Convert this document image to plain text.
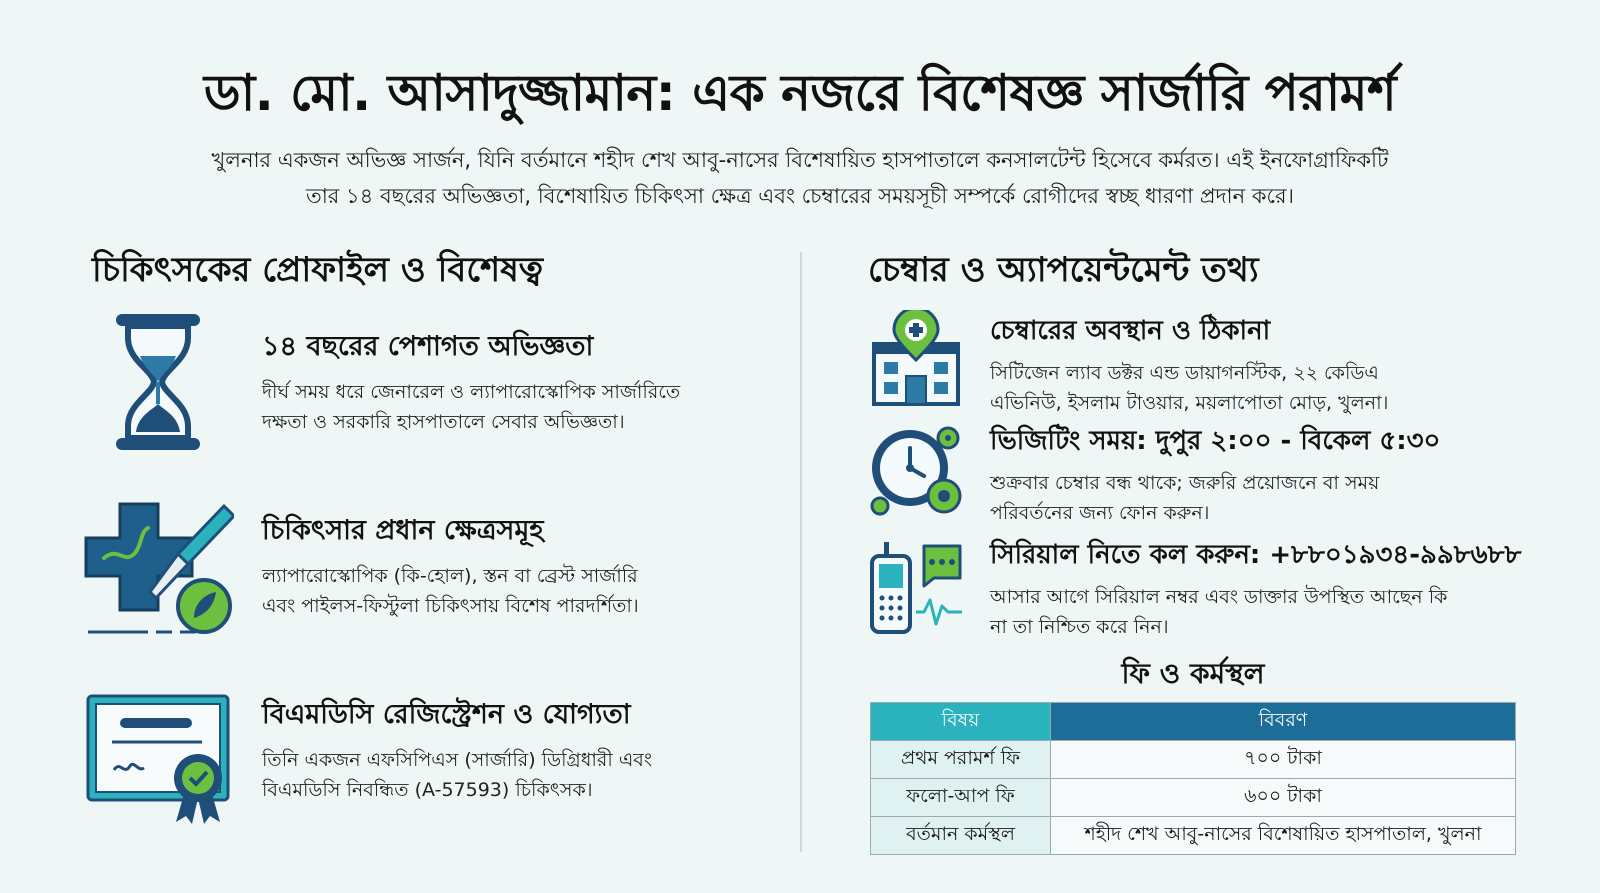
ডা. মো. আসাদুজ্জামান: এক নজরে বিশেষজ্ঞ সার্জারি পরামর্শ
খুলনার একজন অভিজ্ঞ সার্জন, যিনি বর্তমানে শহীদ শেখ আবু-নাসের বিশেষায়িত হাসপাতালে কনসালটেন্ট হিসেবে কর্মরত। এই ইনফোগ্রাফিকটি
তার ১৪ বছরের অভিজ্ঞতা, বিশেষায়িত চিকিৎসা ক্ষেত্র এবং চেম্বারের সময়সূচী সম্পর্কে রোগীদের স্বচ্ছ ধারণা প্রদান করে।
চিকিৎসকের প্রোফাইল ও বিশেষত্ব
১৪ বছরের পেশাগত অভিজ্ঞতা
দীর্ঘ সময় ধরে জেনারেল ও ল্যাপারোস্কোপিক সার্জারিতে
দক্ষতা ও সরকারি হাসপাতালে সেবার অভিজ্ঞতা।
চিকিৎসার প্রধান ক্ষেত্রসমূহ
ল্যাপারোস্কোপিক (কি-হোল), স্তন বা ব্রেস্ট সার্জারি
এবং পাইলস-ফিস্টুলা চিকিৎসায় বিশেষ পারদর্শিতা।
বিএমডিসি রেজিস্ট্রেশন ও যোগ্যতা
তিনি একজন এফসিপিএস (সার্জারি) ডিগ্রিধারী এবং
বিএমডিসি নিবন্ধিত (A-57593) চিকিৎসক।
চেম্বার ও অ্যাপয়েন্টমেন্ট তথ্য
চেম্বারের অবস্থান ও ঠিকানা
সিটিজেন ল্যাব ডক্টর এন্ড ডায়াগনস্টিক, ২২ কেডিএ
এভিনিউ, ইসলাম টাওয়ার, ময়লাপোতা মোড়, খুলনা।
ভিজিটিং সময়: দুপুর ২:০০ - বিকেল ৫:৩০
শুক্রবার চেম্বার বন্ধ থাকে; জরুরি প্রয়োজনে বা সময়
পরিবর্তনের জন্য ফোন করুন।
সিরিয়াল নিতে কল করুন: +৮৮০১৯৩৪-৯৯৮৬৮৮
আসার আগে সিরিয়াল নম্বর এবং ডাক্তার উপস্থিত আছেন কি
না তা নিশ্চিত করে নিন।
ফি ও কর্মস্থল
বিষয়	বিবরণ
প্রথম পরামর্শ ফি	৭০০ টাকা
ফলো-আপ ফি	৬০০ টাকা
বর্তমান কর্মস্থল	শহীদ শেখ আবু-নাসের বিশেষায়িত হাসপাতাল, খুলনা
